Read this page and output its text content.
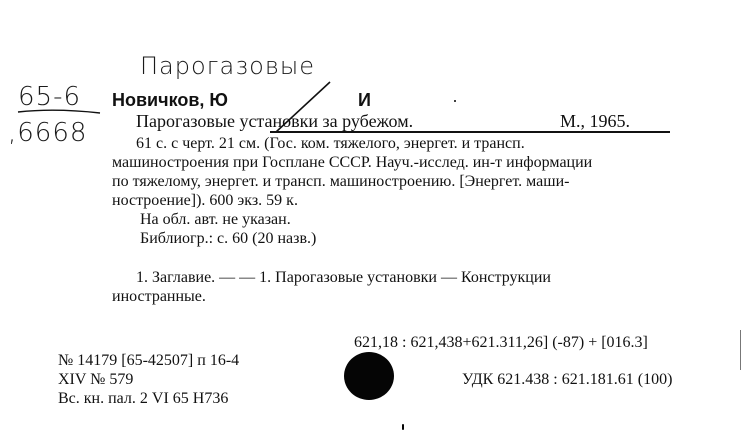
Парогазовые
65-6
,6668
Новичков, Ю	И
Парогазовые установки за рубежом.	М., 1965.
61 с. с черт. 21 см. (Гос. ком. тяжелого, энергет. и трансп.
машиностроения при Госплане СССР. Науч.-исслед. ин-т информации
по тяжелому, энергет. и трансп. машиностроению. [Энергет. маши-
ностроение]). 600 экз. 59 к.
На обл. авт. не указан.
Библиогр.: с. 60 (20 назв.)
1. Заглавие. — — 1. Парогазовые установки — Конструкции
иностранные.
621,18 : 621,438+621.311,26] (-87) + [016.3]
УДК 621.438 : 621.181.61 (100)
№ 14179 [65-42507] п 16-4
XIV № 579
Вс. кн. пал. 2 VI 65 Н736
